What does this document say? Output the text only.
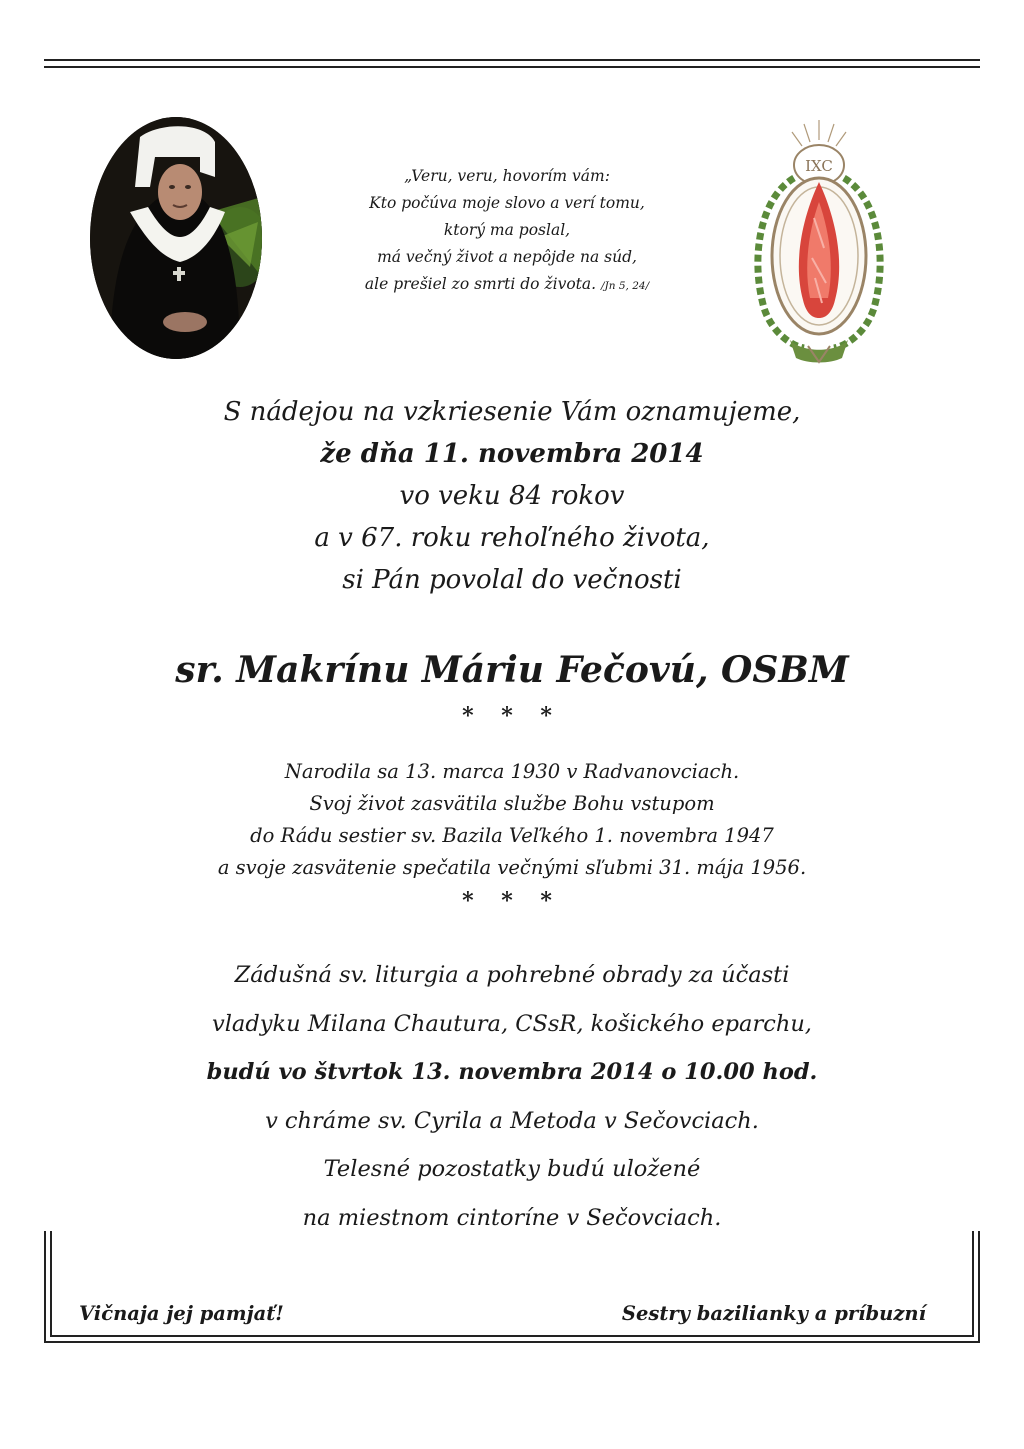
„Veru, veru, hovorím vám:
Kto počúva moje slovo a verí tomu,
ktorý ma poslal,
má večný život a nepôjde na súd,
ale prešiel zo smrti do života. /Jn 5, 24/
IXC
S nádejou na vzkriesenie Vám oznamujeme,
že dňa 11. novembra 2014
vo veku 84 rokov
a v 67. roku rehoľného života,
si Pán povolal do večnosti
sr. Makrínu Máriu Fečovú, OSBM
* * *
Narodila sa 13. marca 1930 v Radvanovciach.
Svoj život zasvätila službe Bohu vstupom
do Rádu sestier sv. Bazila Veľkého 1. novembra 1947
a svoje zasvätenie spečatila večnými sľubmi 31. mája 1956.
* * *
Zádušná sv. liturgia a pohrebné obrady za účasti
vladyku Milana Chautura, CSsR, košického eparchu,
budú vo štvrtok 13. novembra 2014 o 10.00 hod.
v chráme sv. Cyrila a Metoda v Sečovciach.
Telesné pozostatky budú uložené
na miestnom cintoríne v Sečovciach.
Vičnaja jej pamjať!	Sestry bazilianky a príbuzní
